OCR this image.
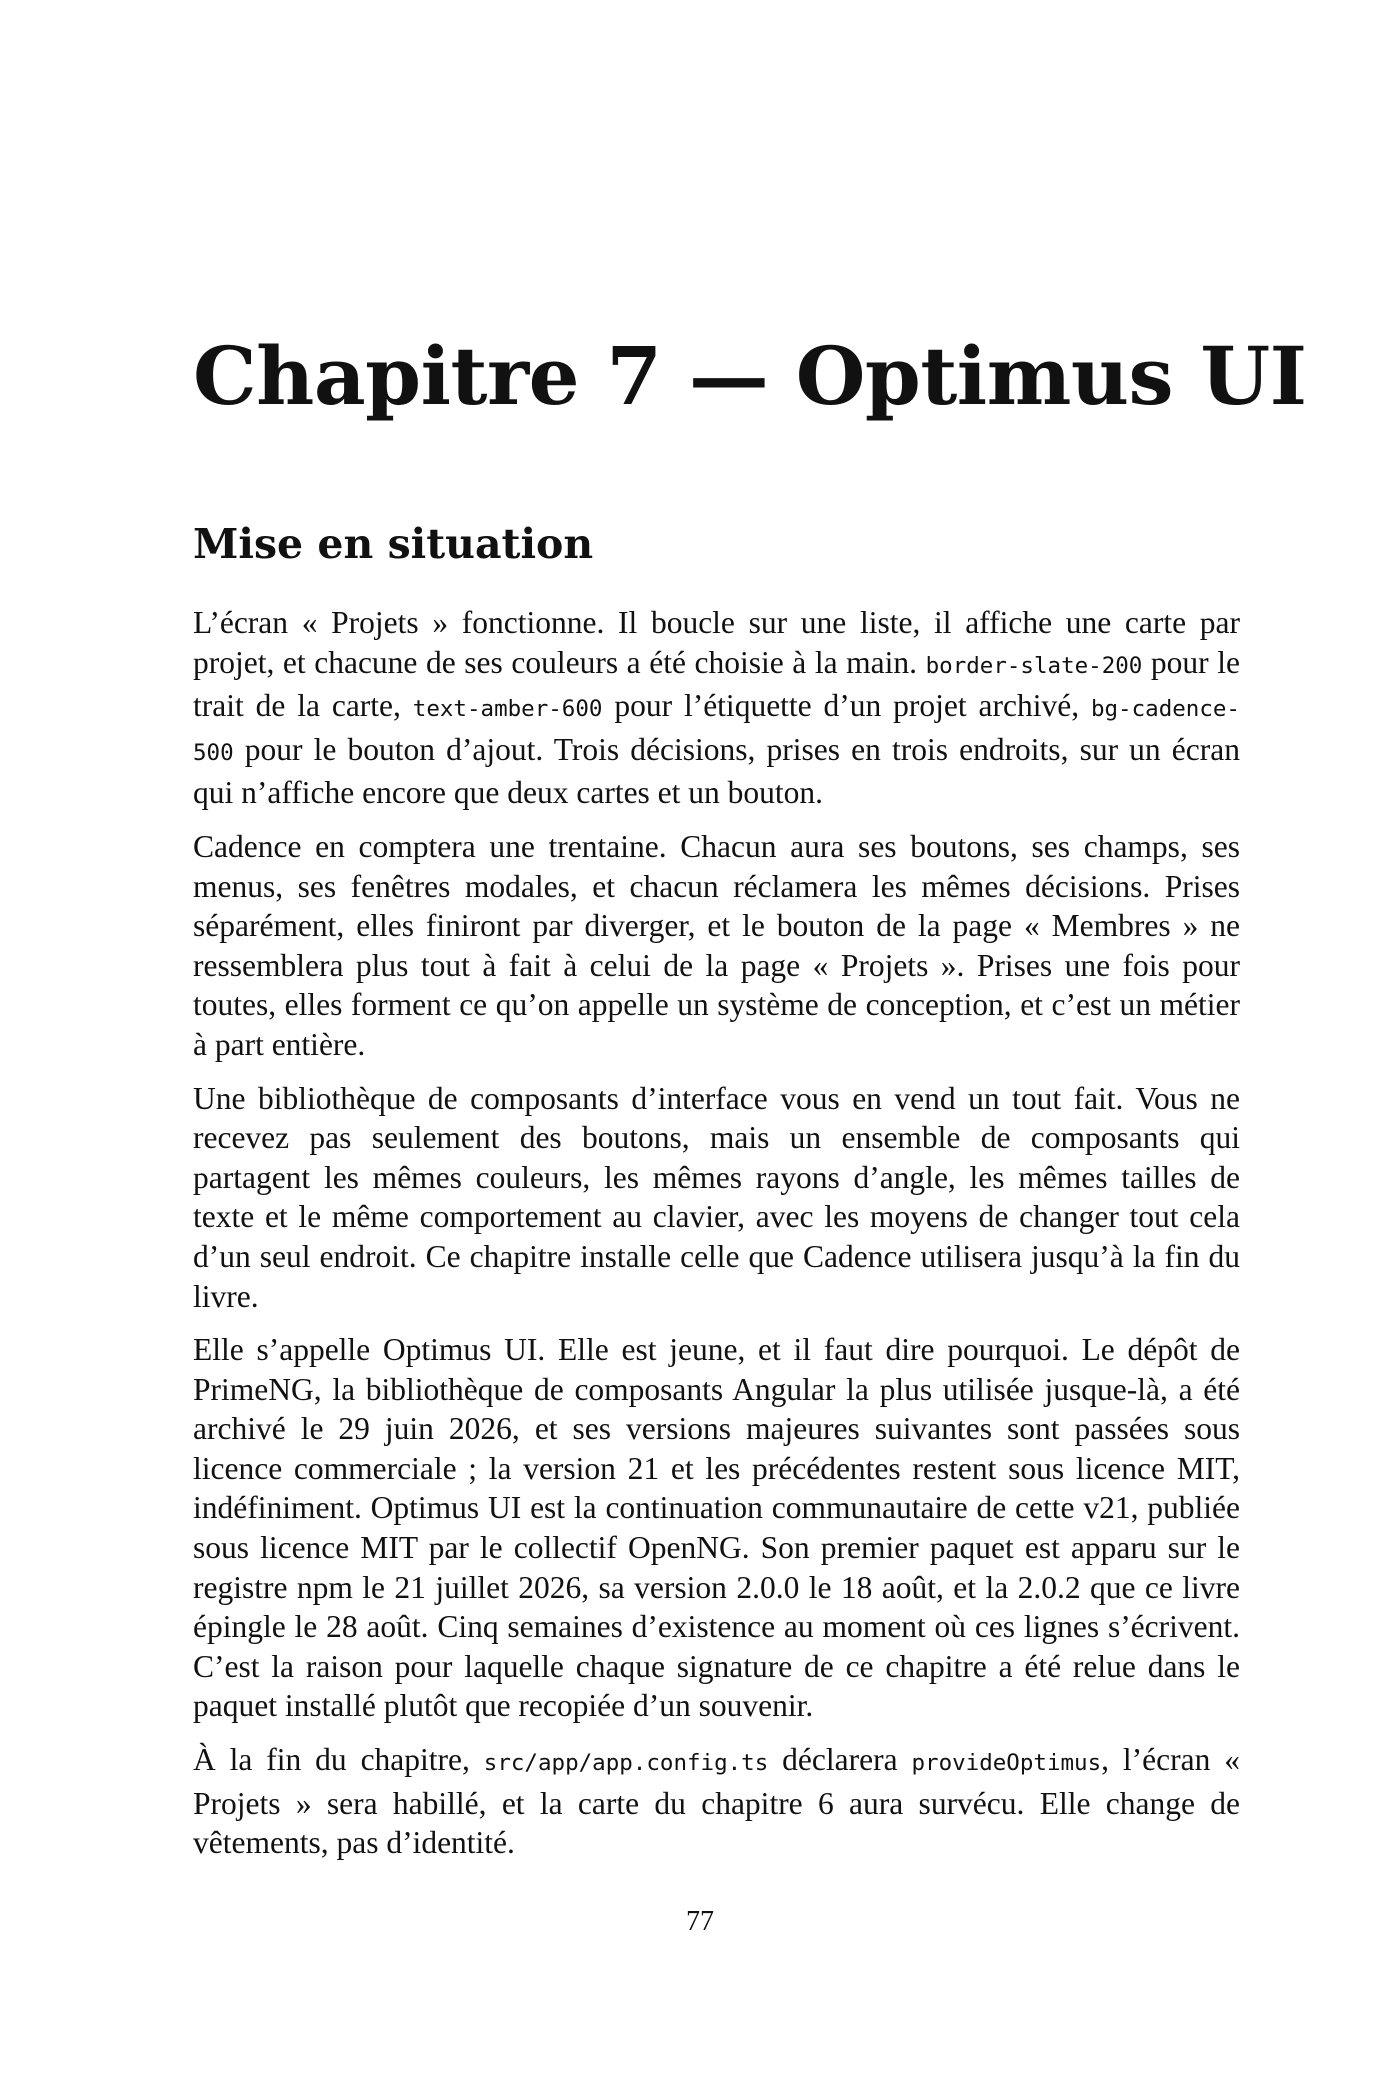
Chapitre 7 — Optimus UI
Mise en situation

L’écran « Projets » fonctionne. Il boucle sur une liste, il affiche une carte par projet, et chacune de ses couleurs a été choisie à la main. border-slate-200 pour le trait de la carte, text-amber-600 pour l’étiquette d’un projet archivé, bg-cadence-500 pour le bouton d’ajout. Trois décisions, prises en trois endroits, sur un écran qui n’affiche encore que deux cartes et un bouton.

Cadence en comptera une trentaine. Chacun aura ses boutons, ses champs, ses menus, ses fenêtres modales, et chacun réclamera les mêmes décisions. Prises séparément, elles finiront par diverger, et le bouton de la page « Membres » ne ressemblera plus tout à fait à celui de la page « Projets ». Prises une fois pour toutes, elles forment ce qu’on appelle un système de conception, et c’est un métier à part entière.

Une bibliothèque de composants d’interface vous en vend un tout fait. Vous ne recevez pas seulement des boutons, mais un ensemble de composants qui partagent les mêmes couleurs, les mêmes rayons d’angle, les mêmes tailles de texte et le même comportement au clavier, avec les moyens de changer tout cela d’un seul endroit. Ce chapitre installe celle que Cadence utilisera jusqu’à la fin du livre.

Elle s’appelle Optimus UI. Elle est jeune, et il faut dire pourquoi. Le dépôt de PrimeNG, la bibliothèque de composants Angular la plus utilisée jusque-là, a été archivé le 29 juin 2026, et ses versions majeures suivantes sont passées sous licence commerciale ; la version 21 et les précédentes restent sous licence MIT, indéfiniment. Optimus UI est la continuation communautaire de cette v21, publiée sous licence MIT par le collectif OpenNG. Son premier paquet est apparu sur le registre npm le 21 juillet 2026, sa version 2.0.0 le 18 août, et la 2.0.2 que ce livre épingle le 28 août. Cinq semaines d’existence au moment où ces lignes s’écrivent. C’est la raison pour laquelle chaque signature de ce chapitre a été relue dans le paquet installé plutôt que recopiée d’un souvenir.

À la fin du chapitre, src/app/app.config.ts déclarera provideOptimus, l’écran « Projets » sera habillé, et la carte du chapitre 6 aura survécu. Elle change de vêtements, pas d’identité.

77
